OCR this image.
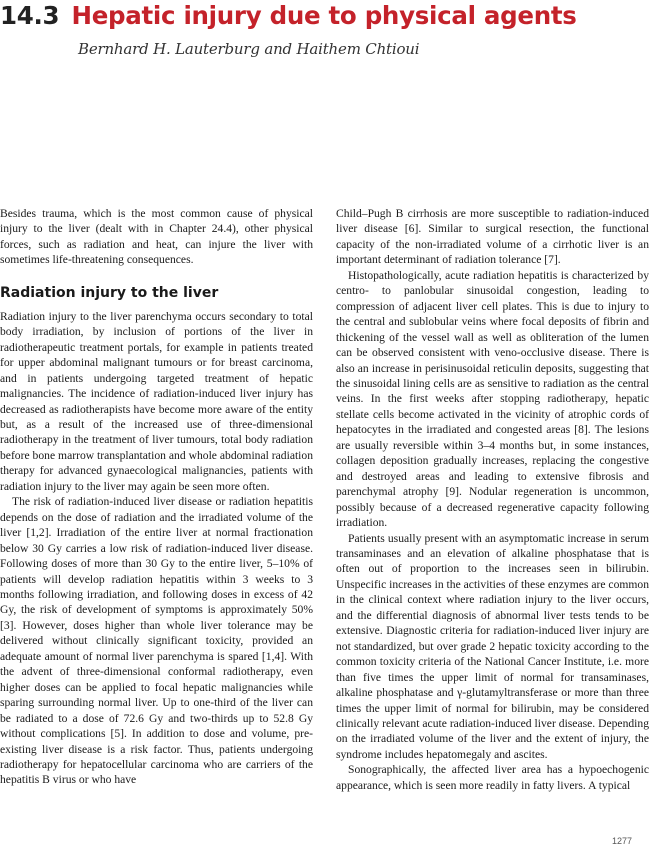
14.3 Hepatic injury due to physical agents
Bernhard H. Lauterburg and Haithem Chtioui

Besides trauma, which is the most common cause of physical injury to the liver (dealt with in Chapter 24.4), other physical forces, such as radiation and heat, can injure the liver with sometimes life-threatening consequences.

Radiation injury to the liver

Radiation injury to the liver parenchyma occurs secondary to total body irradiation, by inclusion of portions of the liver in radiotherapeutic treatment portals, for example in patients treated for upper abdominal malignant tumours or for breast carcinoma, and in patients undergoing targeted treatment of hepatic malignancies. The incidence of radiation-induced liver injury has decreased as radiotherapists have become more aware of the entity but, as a result of the increased use of three-dimensional radiotherapy in the treatment of liver tumours, total body radiation before bone marrow transplantation and whole abdominal radiation therapy for advanced gynaecological malignancies, patients with radiation injury to the liver may again be seen more often.

The risk of radiation-induced liver disease or radiation hepatitis depends on the dose of radiation and the irradiated volume of the liver [1,2]. Irradiation of the entire liver at normal fractionation below 30 Gy carries a low risk of radiation-induced liver disease. Following doses of more than 30 Gy to the entire liver, 5–10% of patients will develop radiation hepatitis within 3 weeks to 3 months following irradiation, and following doses in excess of 42 Gy, the risk of development of symptoms is approximately 50% [3]. However, doses higher than whole liver tolerance may be delivered without clinically significant toxicity, provided an adequate amount of normal liver parenchyma is spared [1,4]. With the advent of three-dimensional conformal radiotherapy, even higher doses can be applied to focal hepatic malignancies while sparing surrounding normal liver. Up to one-third of the liver can be radiated to a dose of 72.6 Gy and two-thirds up to 52.8 Gy without complications [5]. In addition to dose and volume, pre-existing liver disease is a risk factor. Thus, patients undergoing radiotherapy for hepatocellular carcinoma who are carriers of the hepatitis B virus or who have

Child–Pugh B cirrhosis are more susceptible to radiation-induced liver disease [6]. Similar to surgical resection, the functional capacity of the non-irradiated volume of a cirrhotic liver is an important determinant of radiation tolerance [7].

Histopathologically, acute radiation hepatitis is characterized by centro- to panlobular sinusoidal congestion, leading to compression of adjacent liver cell plates. This is due to injury to the central and sublobular veins where focal deposits of fibrin and thickening of the vessel wall as well as obliteration of the lumen can be observed consistent with veno-occlusive disease. There is also an increase in perisinusoidal reticulin deposits, suggesting that the sinusoidal lining cells are as sensitive to radiation as the central veins. In the first weeks after stopping radiotherapy, hepatic stellate cells become activated in the vicinity of atrophic cords of hepatocytes in the irradiated and congested areas [8]. The lesions are usually reversible within 3–4 months but, in some instances, collagen deposition gradually increases, replacing the congestive and destroyed areas and leading to extensive fibrosis and parenchymal atrophy [9]. Nodular regeneration is uncommon, possibly because of a decreased regenerative capacity following irradiation.

Patients usually present with an asymptomatic increase in serum transaminases and an elevation of alkaline phosphatase that is often out of proportion to the increases seen in bilirubin. Unspecific increases in the activities of these enzymes are common in the clinical context where radiation injury to the liver occurs, and the differential diagnosis of abnormal liver tests tends to be extensive. Diagnostic criteria for radiation-induced liver injury are not standardized, but over grade 2 hepatic toxicity according to the common toxicity criteria of the National Cancer Institute, i.e. more than five times the upper limit of normal for transaminases, alkaline phosphatase and γ-glutamyltransferase or more than three times the upper limit of normal for bilirubin, may be considered clinically relevant acute radiation-induced liver disease. Depending on the irradiated volume of the liver and the extent of injury, the syndrome includes hepatomegaly and ascites.

Sonographically, the affected liver area has a hypoechogenic appearance, which is seen more readily in fatty livers. A typical

1277
